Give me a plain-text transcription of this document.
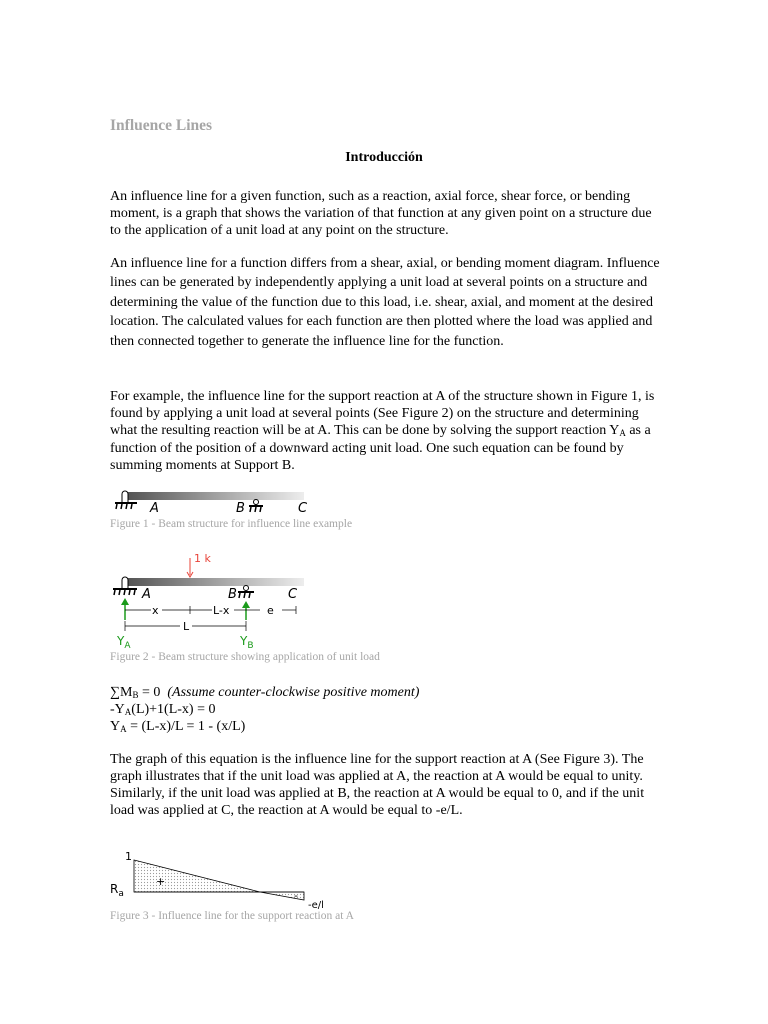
Influence Lines
Introducción

An influence line for a given function, such as a reaction, axial force, shear force, or bending moment, is a graph that shows the variation of that function at any given point on a structure due to the application of a unit load at any point on the structure.

An influence line for a function differs from a shear, axial, or bending moment diagram. Influence lines can be generated by independently applying a unit load at several points on a structure and determining the value of the function due to this load, i.e. shear, axial, and moment at the desired location. The calculated values for each function are then plotted where the load was applied and then connected together to generate the influence line for the function.

For example, the influence line for the support reaction at A of the structure shown in Figure 1, is found by applying a unit load at several points (See Figure 2) on the structure and determining what the resulting reaction will be at A. This can be done by solving the support reaction $Y_A$ as a function of the position of a downward acting unit load. One such equation can be found by summing moments at Support B.

A	B	C

Figure 1 - Beam structure for influence line example

1 k
A	B	C
x	L-x	e
L
$Y_A$	$Y_B$

Figure 2 - Beam structure showing application of unit load

$\sum M_B = 0$  (Assume counter-clockwise positive moment)

$-Y_A(L)+1(L-x) = 0$

$Y_A = (L-x)/L = 1 - (x/L)$

The graph of this equation is the influence line for the support reaction at A (See Figure 3). The graph illustrates that if the unit load was applied at A, the reaction at A would be equal to unity. Similarly, if the unit load was applied at B, the reaction at A would be equal to 0, and if the unit load was applied at C, the reaction at A would be equal to -e/L.

1
+
-
$R_a$
-e/l

Figure 3 - Influence line for the support reaction at A
